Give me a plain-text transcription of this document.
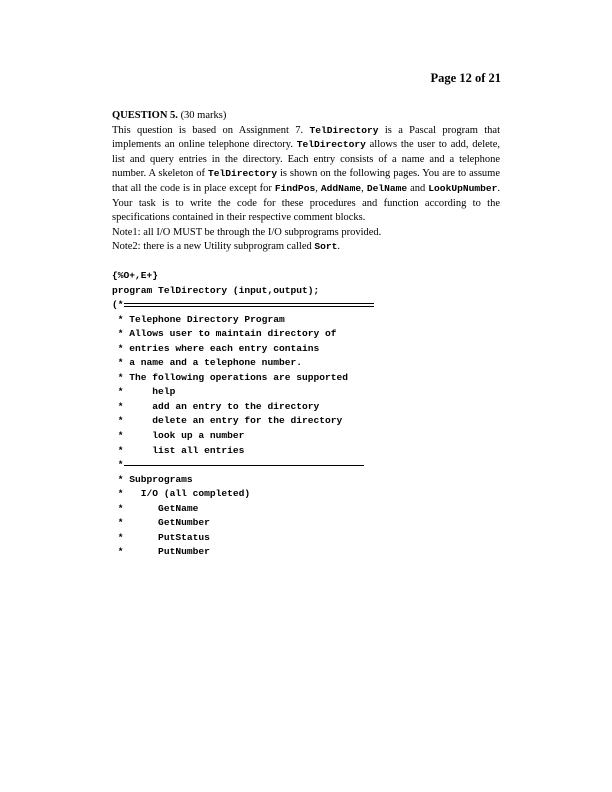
Page 12 of 21

QUESTION 5. (30 marks)
This question is based on Assignment 7. TelDirectory is a Pascal program that implements an online telephone directory. TelDirectory allows the user to add, delete, list and query entries in the directory. Each entry consists of a name and a telephone number. A skeleton of TelDirectory is shown on the following pages. You are to assume that all the code is in place except for FindPos, AddName, DelName and LookUpNumber. Your task is to write the code for these procedures and function according to the specifications contained in their respective comment blocks.

Note1: all I/O MUST be through the I/O subprograms provided.

Note2: there is a new Utility subprogram called Sort.

{%O+,E+}
program TelDirectory (input,output);
(*
* Telephone Directory Program
* Allows user to maintain directory of
* entries where each entry contains
* a name and a telephone number.
* The following operations are supported
*     help
*     add an entry to the directory
*     delete an entry for the directory
*     look up a number
*     list all entries
*
* Subprograms
*   I/O (all completed)
*      GetName
*      GetNumber
*      PutStatus
*      PutNumber
